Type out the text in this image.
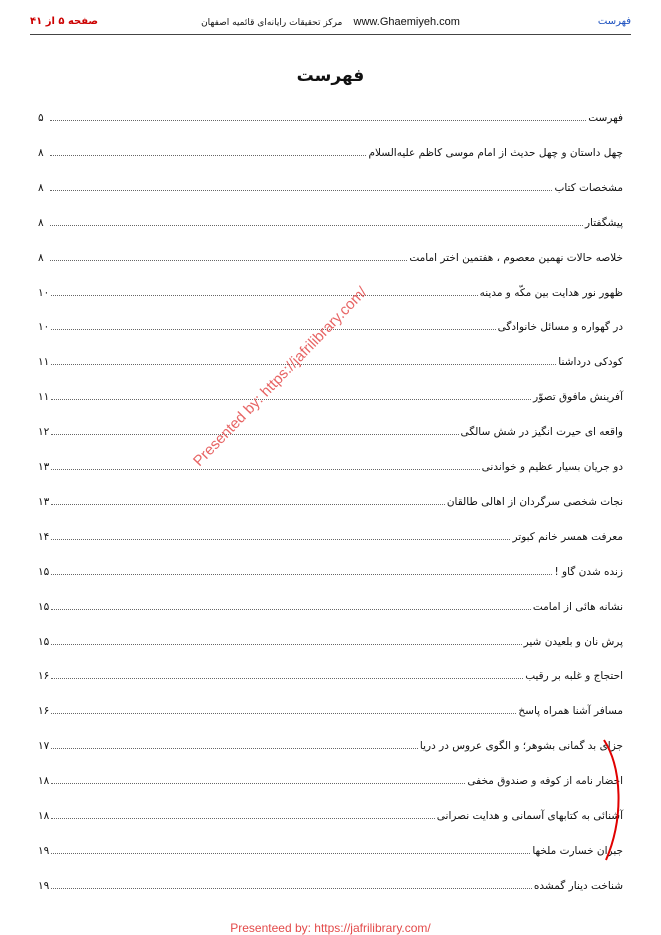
صفحه ۵ از ۴۱	مرکز تحقیقات رایانه‌ای قائمیه اصفهان www.Ghaemiyeh.com	فهرست
فهرست
فهرست
۵
چهل داستان و چهل حدیث از امام موسی کاظم علیه‌السلام
۸
مشخصات کتاب
۸
پیشگفتار
۸
خلاصه حالات نهمین معصوم ، هفتمین اختر امامت
۸
ظهور نور هدایت بین مکّه و مدینه
۱۰
در گهواره و مسائل خانوادگی
۱۰
کودکی درداشنا
۱۱
آفرینش مافوق تصوّر
۱۱
واقعه ای حیرت انگیز در شش سالگی
۱۲
دو جریان بسیار عظیم و خواندنی
۱۳
نجات شخصی سرگردان از اهالی طالقان
۱۳
معرفت همسر خانم کبوتر
۱۴
زنده شدن گاو !
۱۵
نشانه هائی از امامت
۱۵
پرش نان و بلعیدن شیر
۱۵
احتجاج و غلبه بر رقیب
۱۶
مسافر آشنا همراه پاسخ
۱۶
جزای بد گمانی بشوهر؛ و الگوی عروس در دریا
۱۷
احضار نامه از کوفه و صندوق مخفی
۱۸
آشنائی به کتابهای آسمانی و هدایت نصرانی
۱۸
جبران خسارت ملخها
۱۹
شناخت دینار گمشده
۱۹
Presented by: https://jafrilibrary.com/
Presenteed by: https://jafrilibrary.com/
